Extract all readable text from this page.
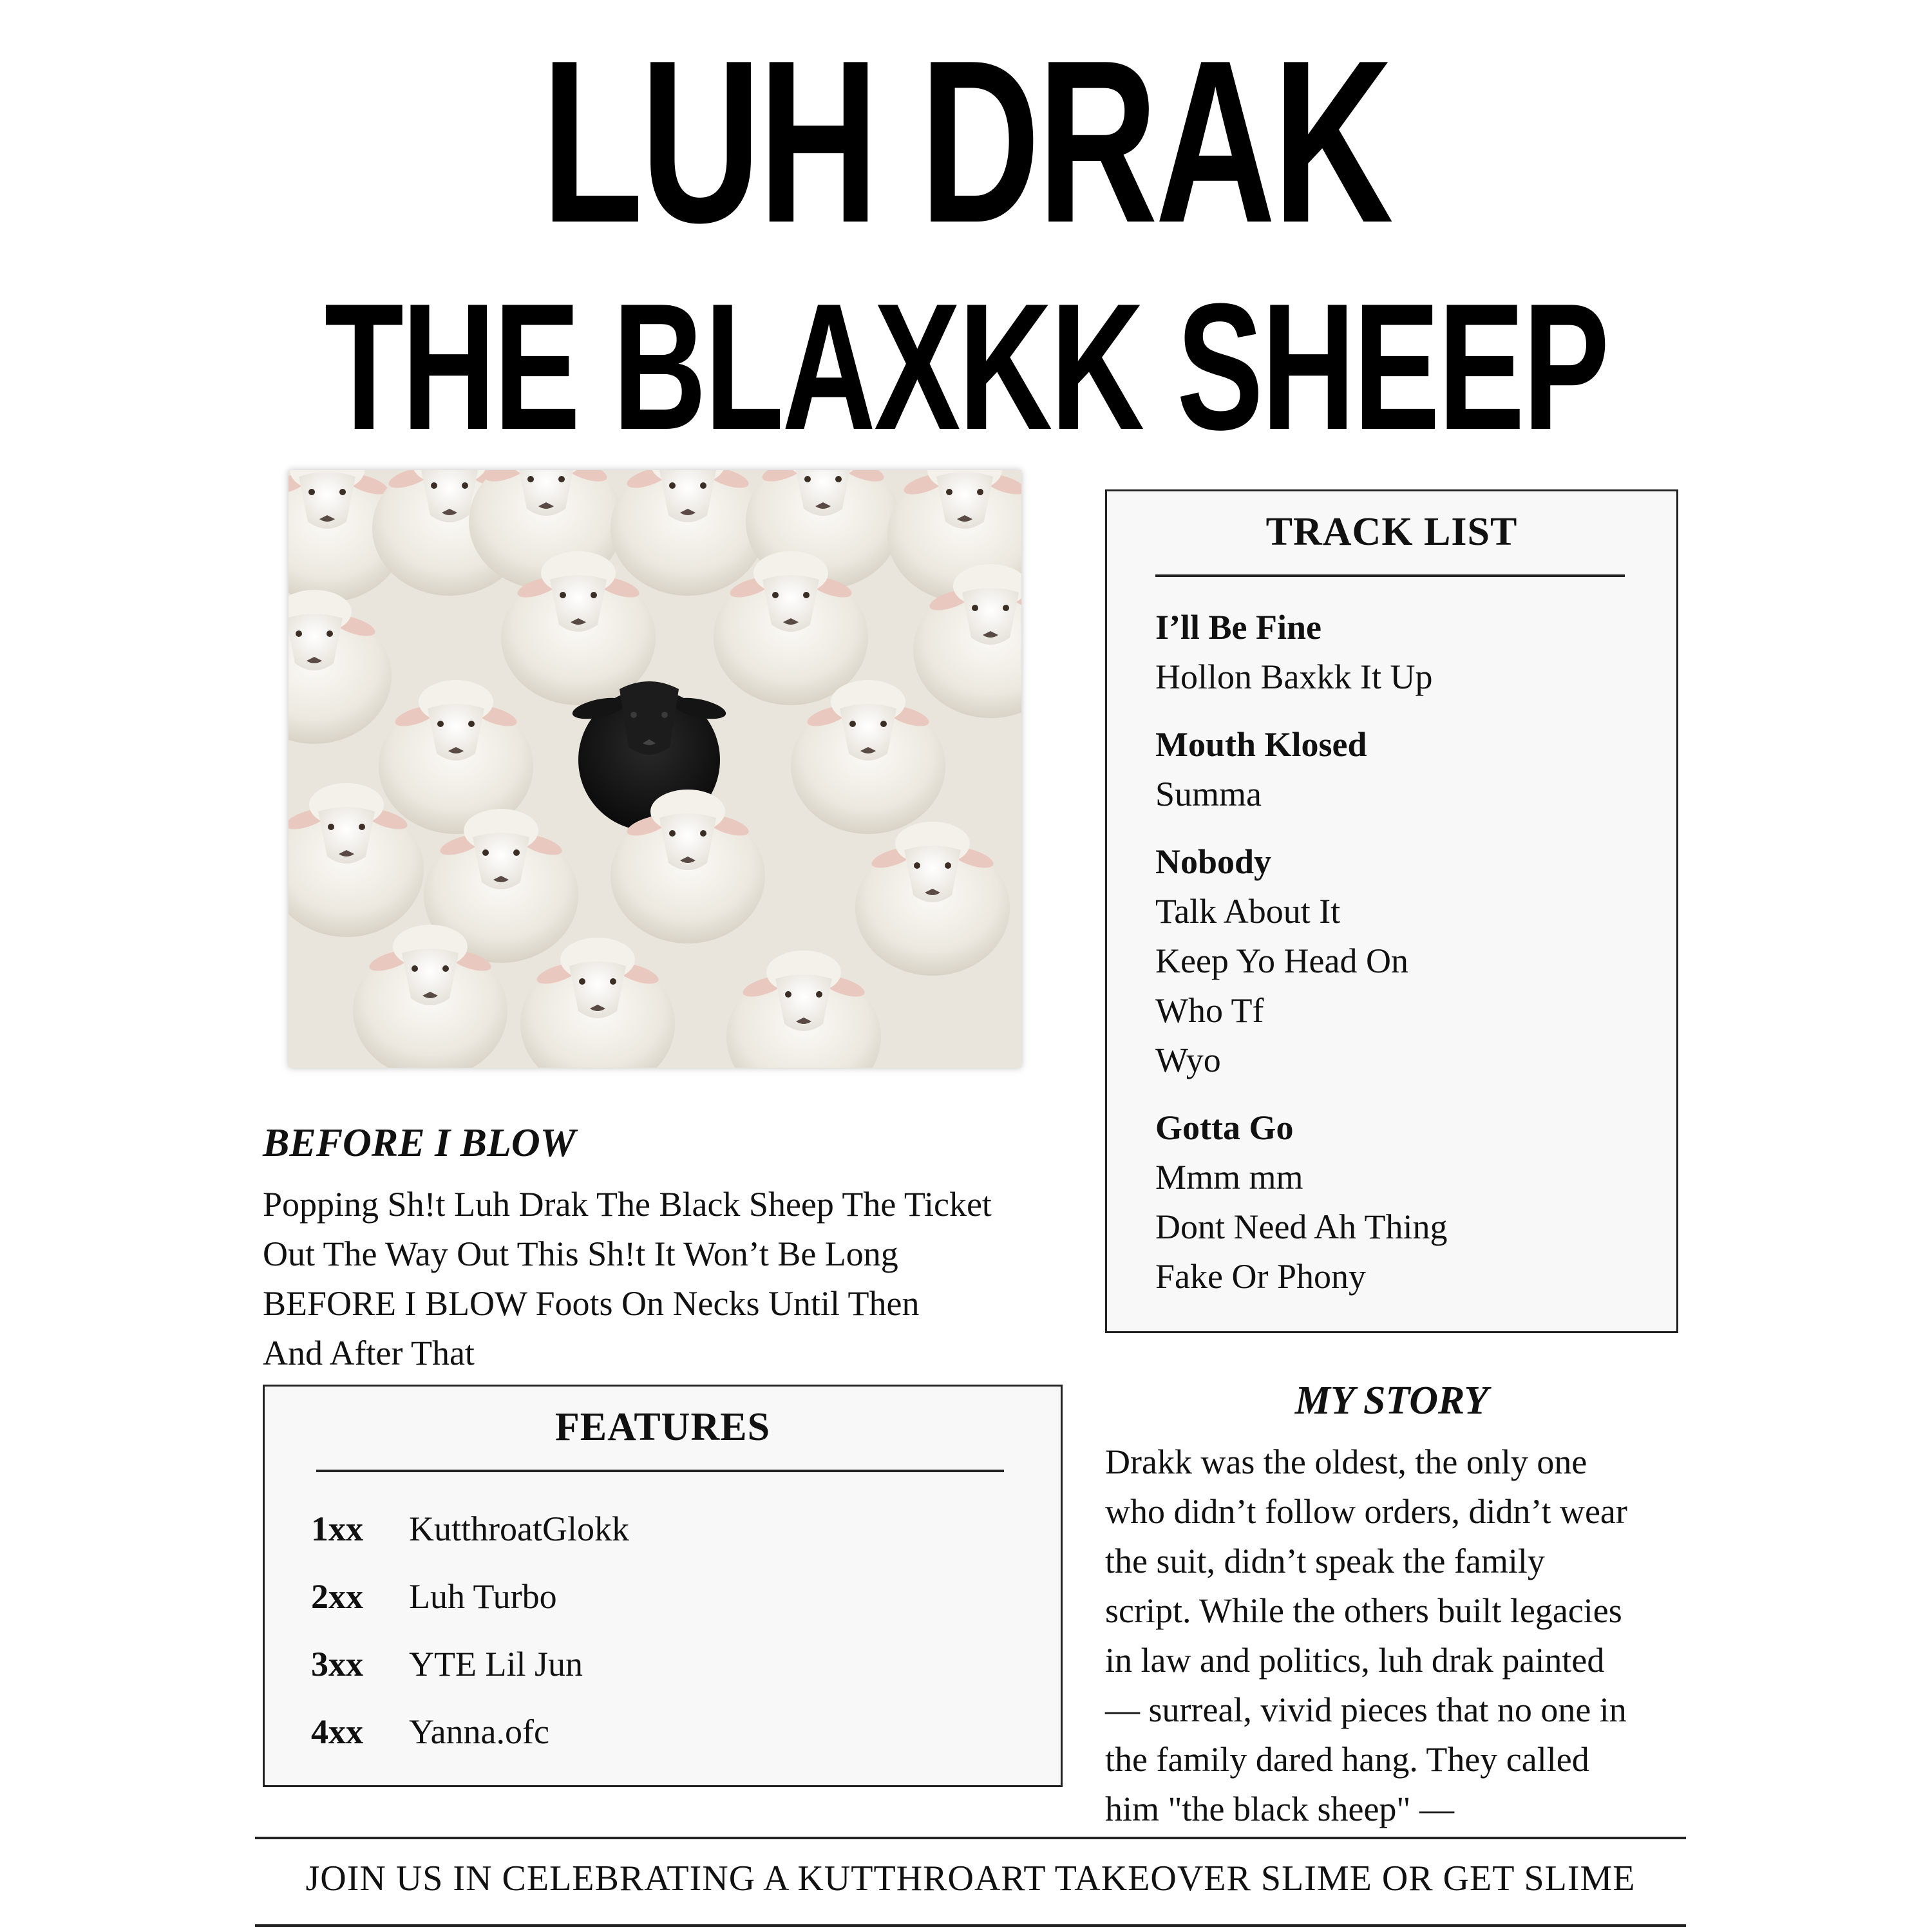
LUH DRAK
THE BLAXKK SHEEP
TRACK LIST
I’ll Be Fine
Hollon Baxkk It Up
Mouth Klosed
Summa
Nobody
Talk About It
Keep Yo Head On
Who Tf
Wyo
Gotta Go
Mmm mm
Dont Need Ah Thing
Fake Or Phony
BEFORE I BLOW
Popping Sh!t Luh Drak The Black Sheep The Ticket
Out The Way Out This Sh!t It Won’t Be Long
BEFORE I BLOW Foots On Necks Until Then
And After That
FEATURES
1xx KutthroatGlokk
2xx Luh Turbo
3xx YTE Lil Jun
4xx Yanna.ofc
MY STORY
Drakk was the oldest, the only one
who didn’t follow orders, didn’t wear
the suit, didn’t speak the family
script. While the others built legacies
in law and politics, luh drak painted
— surreal, vivid pieces that no one in
the family dared hang. They called
him "the black sheep" —
JOIN US IN CELEBRATING A KUTTHROART TAKEOVER SLIME OR GET SLIME
